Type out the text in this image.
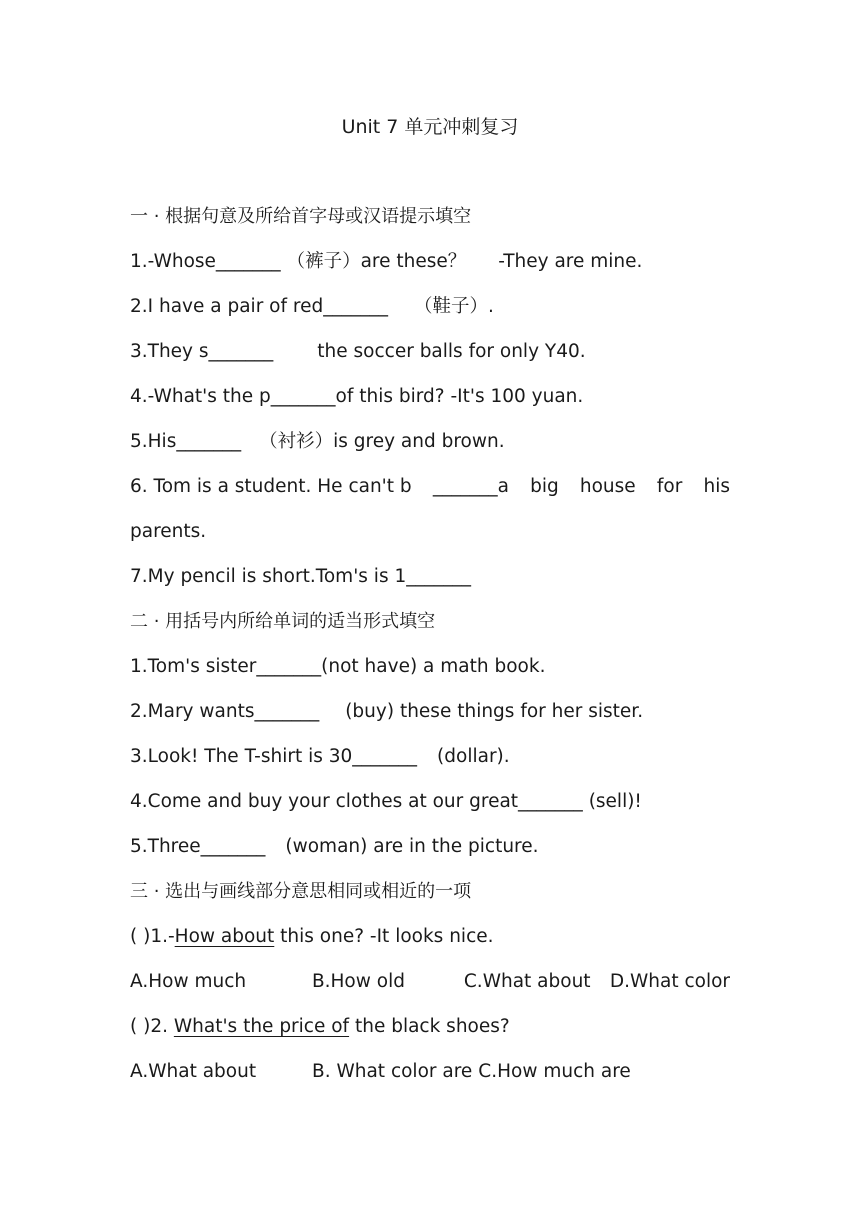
Unit 7 单元冲刺复习
一 · 根据句意及所给首字母或汉语提示填空
1.-Whose_______ （裤子）are these？ -They are mine.
2.I have a pair of red_______ （鞋子）.
3.They s_______ the soccer balls for only Y40.
4.-What's the p_______of this bird? -It's 100 yuan.
5.His_______ （衬衫）is grey and brown.
6. Tom is a student. He can't b _______a big house for his
parents.
7.My pencil is short.Tom's is 1_______
二 · 用括号内所给单词的适当形式填空
1.Tom's sister_______(not have) a math book.
2.Mary wants_______ (buy) these things for her sister.
3.Look! The T-shirt is 30_______ (dollar).
4.Come and buy your clothes at our great_______ (sell)!
5.Three_______ (woman) are in the picture.
三 · 选出与画线部分意思相同或相近的一项
( )1.-How about this one? -It looks nice.
A.How much	B.How old	C.What about	D.What color
( )2. What's the price of the black shoes?
A.What about	B. What color are C.How much are
